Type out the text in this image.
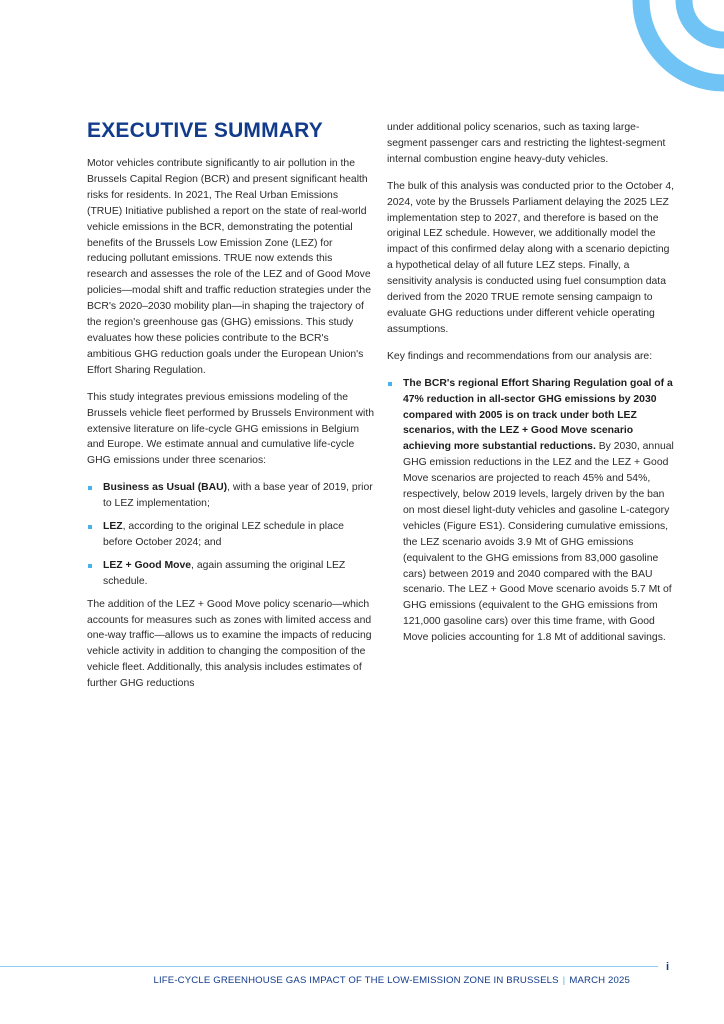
EXECUTIVE SUMMARY

Motor vehicles contribute significantly to air pollution in the Brussels Capital Region (BCR) and present significant health risks for residents. In 2021, The Real Urban Emissions (TRUE) Initiative published a report on the state of real-world vehicle emissions in the BCR, demonstrating the potential benefits of the Brussels Low Emission Zone (LEZ) for reducing pollutant emissions. TRUE now extends this research and assesses the role of the LEZ and of Good Move policies—modal shift and traffic reduction strategies under the BCR's 2020–2030 mobility plan—in shaping the trajectory of the region's greenhouse gas (GHG) emissions. This study evaluates how these policies contribute to the BCR's ambitious GHG reduction goals under the European Union's Effort Sharing Regulation.

This study integrates previous emissions modeling of the Brussels vehicle fleet performed by Brussels Environment with extensive literature on life-cycle GHG emissions in Belgium and Europe. We estimate annual and cumulative life-cycle GHG emissions under three scenarios:

Business as Usual (BAU), with a base year of 2019, prior to LEZ implementation;
LEZ, according to the original LEZ schedule in place before October 2024; and
LEZ + Good Move, again assuming the original LEZ schedule.

The addition of the LEZ + Good Move policy scenario—which accounts for measures such as zones with limited access and one-way traffic—allows us to examine the impacts of reducing vehicle activity in addition to changing the composition of the vehicle fleet. Additionally, this analysis includes estimates of further GHG reductions

under additional policy scenarios, such as taxing large-segment passenger cars and restricting the lightest-segment internal combustion engine heavy-duty vehicles.

The bulk of this analysis was conducted prior to the October 4, 2024, vote by the Brussels Parliament delaying the 2025 LEZ implementation step to 2027, and therefore is based on the original LEZ schedule. However, we additionally model the impact of this confirmed delay along with a scenario depicting a hypothetical delay of all future LEZ steps. Finally, a sensitivity analysis is conducted using fuel consumption data derived from the 2020 TRUE remote sensing campaign to evaluate GHG reductions under different vehicle operating assumptions.

Key findings and recommendations from our analysis are:

The BCR's regional Effort Sharing Regulation goal of a 47% reduction in all-sector GHG emissions by 2030 compared with 2005 is on track under both LEZ scenarios, with the LEZ + Good Move scenario achieving more substantial reductions. By 2030, annual GHG emission reductions in the LEZ and the LEZ + Good Move scenarios are projected to reach 45% and 54%, respectively, below 2019 levels, largely driven by the ban on most diesel light-duty vehicles and gasoline L-category vehicles (Figure ES1). Considering cumulative emissions, the LEZ scenario avoids 3.9 Mt of GHG emissions (equivalent to the GHG emissions from 83,000 gasoline cars) between 2019 and 2040 compared with the BAU scenario. The LEZ + Good Move scenario avoids 5.7 Mt of GHG emissions (equivalent to the GHG emissions from 121,000 gasoline cars) over this time frame, with Good Move policies accounting for 1.8 Mt of additional savings.
i
LIFE-CYCLE GREENHOUSE GAS IMPACT OF THE LOW-EMISSION ZONE IN BRUSSELS | MARCH 2025
